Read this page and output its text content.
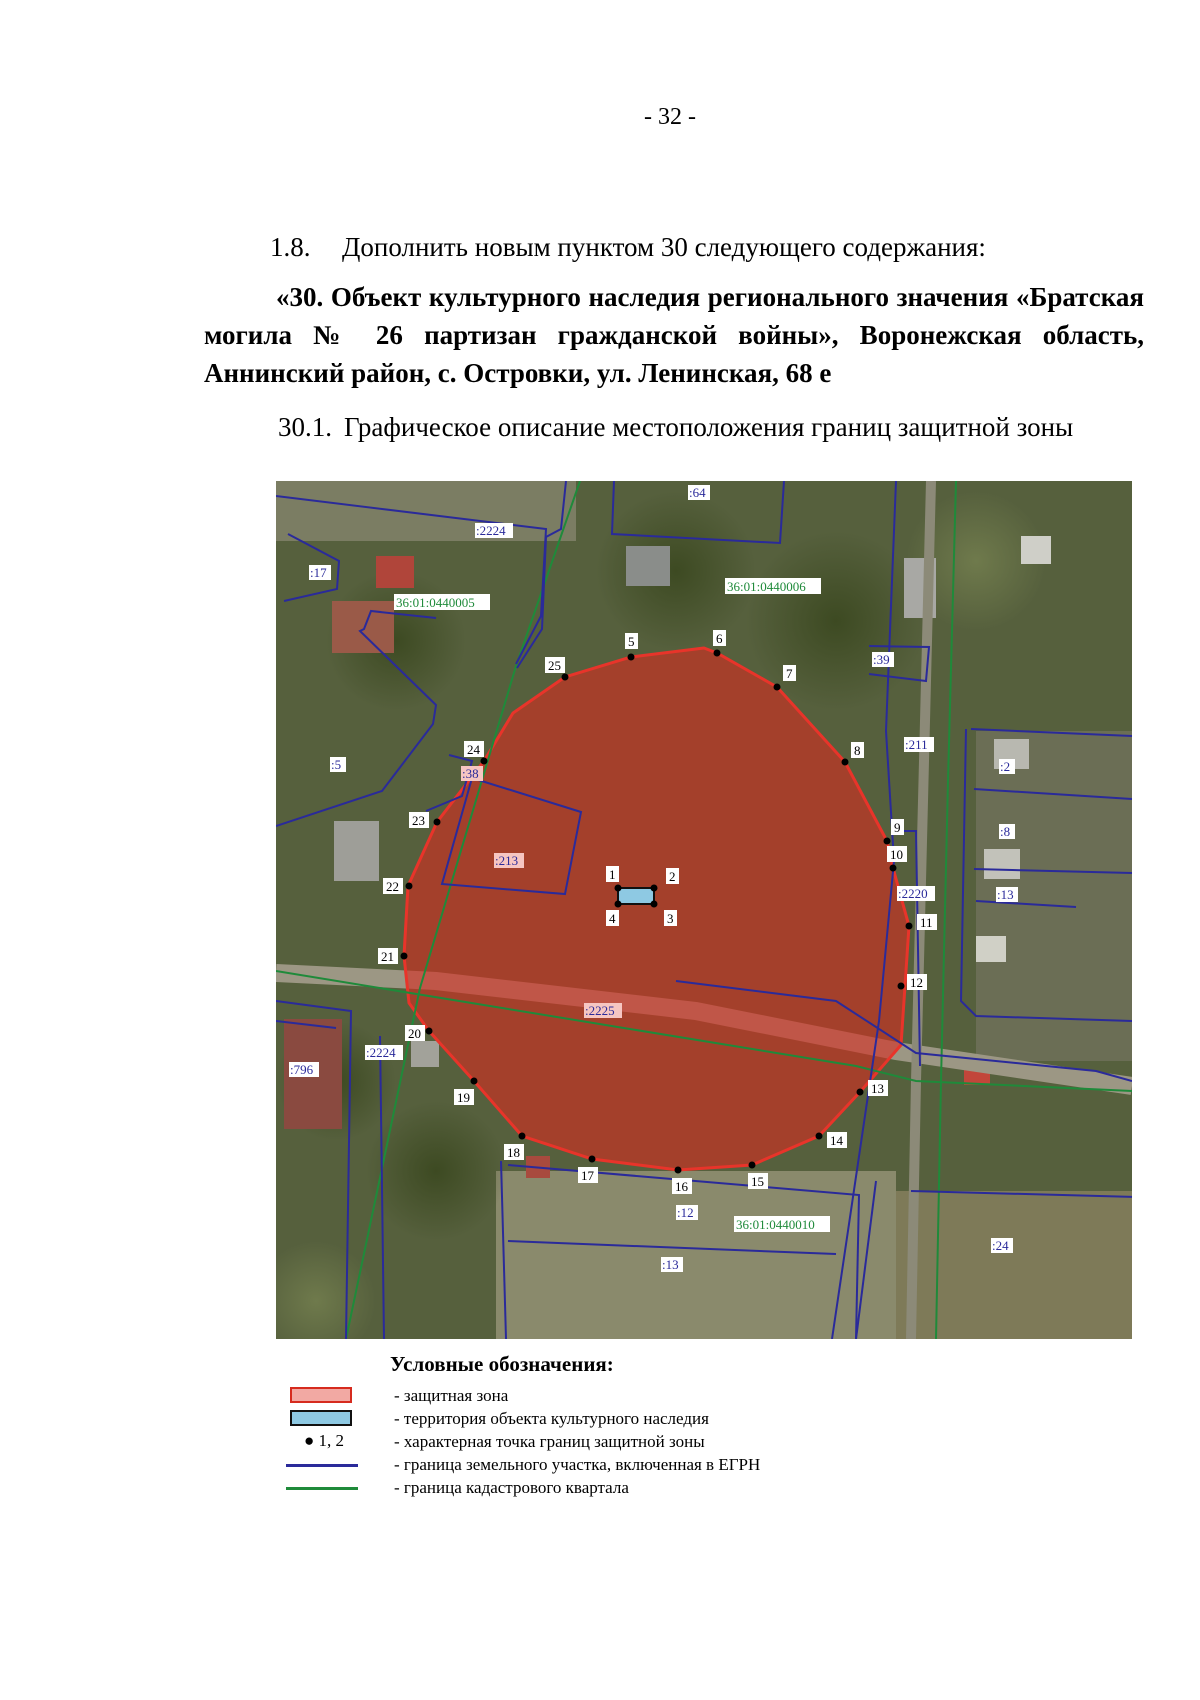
- 32 -
1.8. Дополнить новым пунктом 30 следующего содержания:
«30. Объект культурного наследия регионального значения «Братская могила № 26 партизан гражданской войны», Воронежская область, Аннинский район, с. Островки, ул. Ленинская, 68 е
30.1. Графическое описание местоположения границ защитной зоны
36:01:0440005
36:01:0440006
36:01:0440010
:64
:2224
:17
:39
:211
:2
:8
:13
:2220
:5
:38
:213
:2225
:2224
:796
:12
:13
:24
1	2
3
4
5	6
7
8
9
10
11
12
13
14
15
16
17
18
19
20
21
22
23
24
25
Условные обозначения:
- защитная зона
- территория объекта культурного наследия
● 1, 2	- характерная точка границ защитной зоны
- граница земельного участка, включенная в ЕГРН
- граница кадастрового квартала
